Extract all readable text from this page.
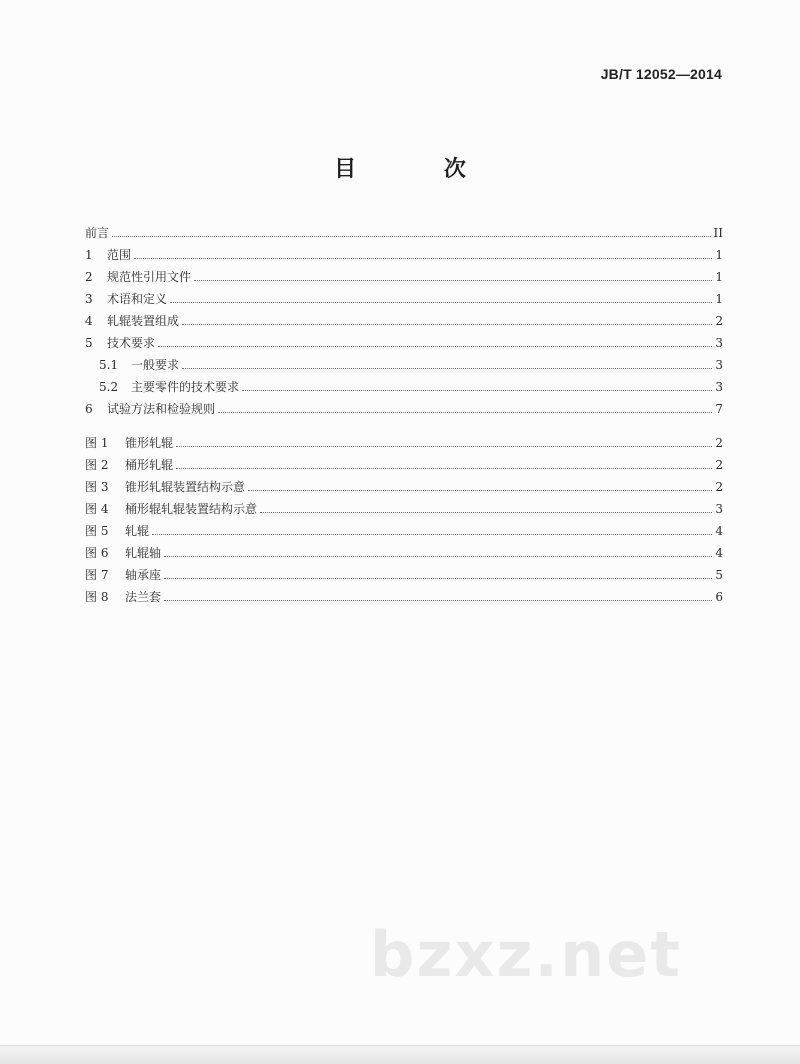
JB/T 12052—2014
目 次
前言	II
1 范围	1
2 规范性引用文件	1
3 术语和定义	1
4 轧辊装置组成	2
5 技术要求	3
5.1 一般要求	3
5.2 主要零件的技术要求	3
6 试验方法和检验规则	7
图 1 锥形轧辊	2
图 2 桶形轧辊	2
图 3 锥形轧辊装置结构示意	2
图 4 桶形辊轧辊装置结构示意	3
图 5 轧辊	4
图 6 轧辊轴	4
图 7 轴承座	5
图 8 法兰套	6
bzxz.net
